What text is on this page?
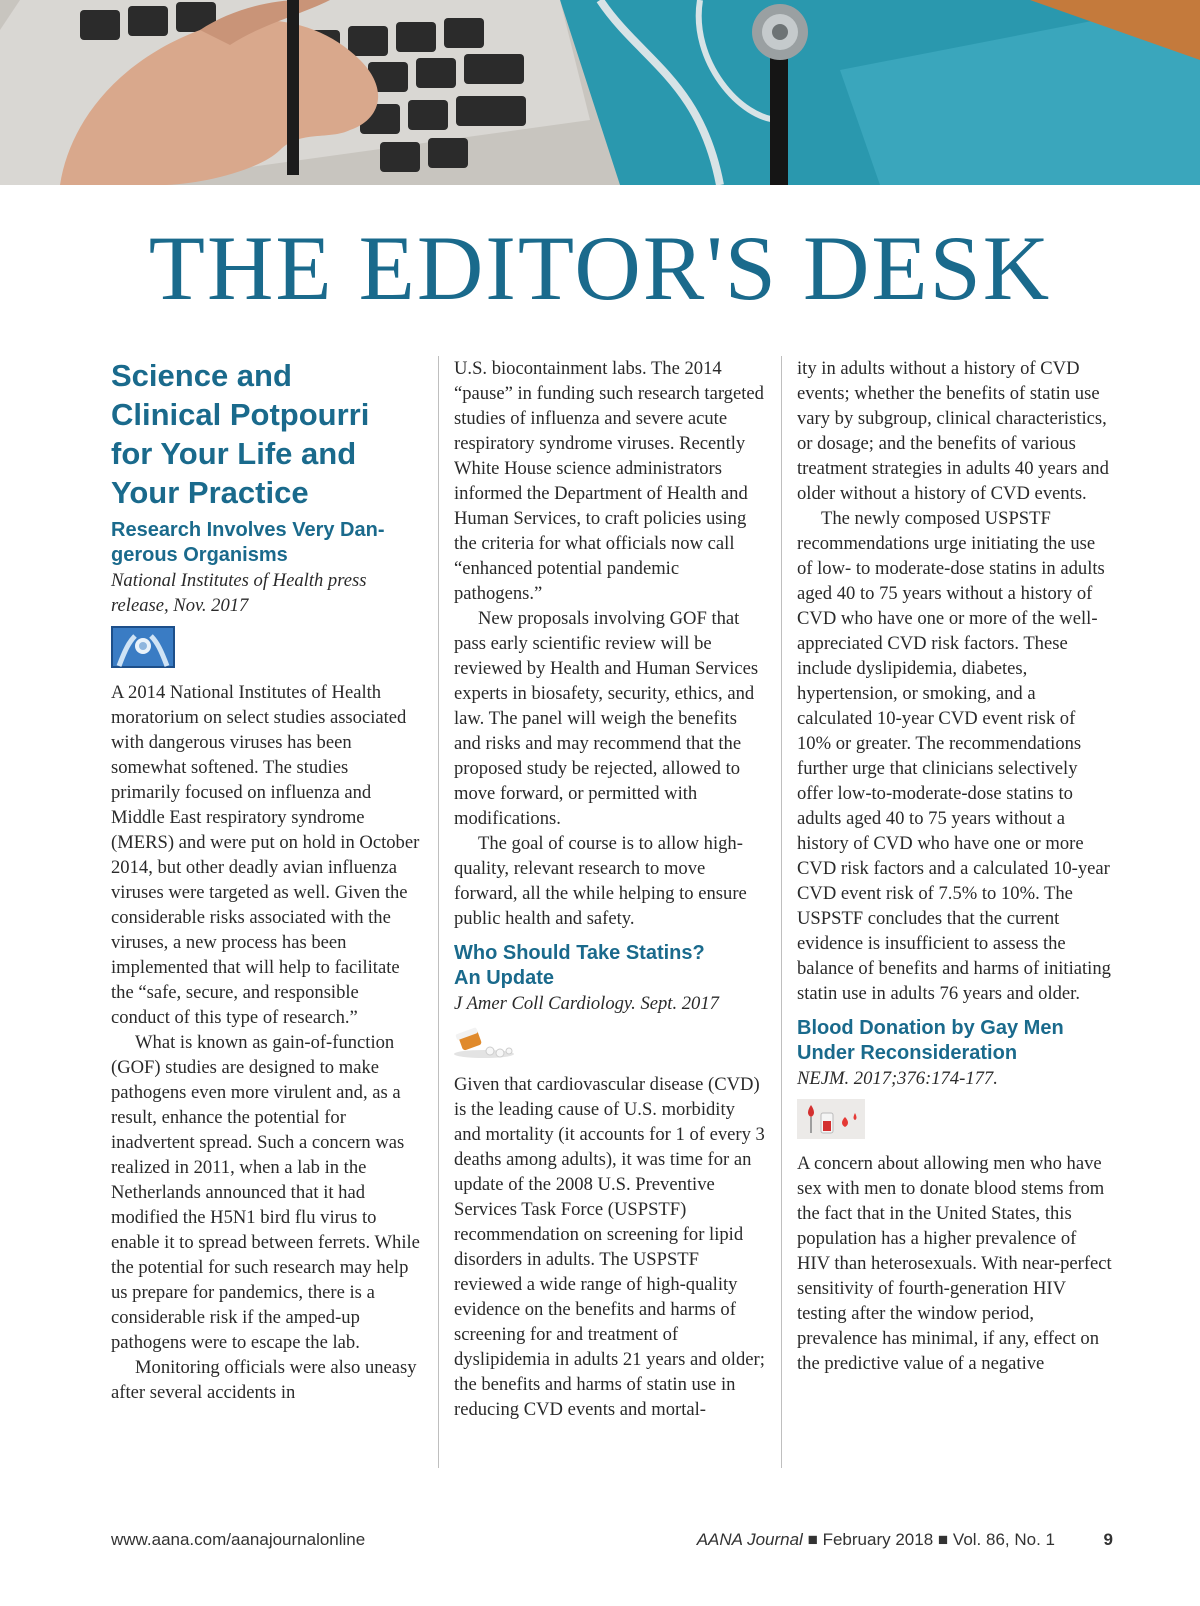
THE EDITOR'S DESK
Science and
Clinical Potpourri
for Your Life and
Your Practice
Research Involves Very Dan-
gerous Organisms

National Institutes of Health press
release, Nov. 2017

A 2014 National Institutes of Health moratorium on select studies associated with dangerous viruses has been somewhat softened. The studies primarily focused on influenza and Middle East respiratory syndrome (MERS) and were put on hold in October 2014, but other deadly avian influenza viruses were targeted as well. Given the considerable risks associated with the viruses, a new process has been implemented that will help to facilitate the “safe, secure, and responsible conduct of this type of research.”

What is known as gain-of-function (GOF) studies are designed to make pathogens even more virulent and, as a result, enhance the potential for inadvertent spread. Such a concern was realized in 2011, when a lab in the Netherlands announced that it had modified the H5N1 bird flu virus to enable it to spread between ferrets. While the potential for such research may help us prepare for pandemics, there is a considerable risk if the amped-up pathogens were to escape the lab.

Monitoring officials were also uneasy after several accidents in

U.S. biocontainment labs. The 2014 “pause” in funding such research targeted studies of influenza and severe acute respiratory syndrome viruses. Recently White House science administrators informed the Department of Health and Human Services, to craft policies using the criteria for what officials now call “enhanced potential pandemic pathogens.”

New proposals involving GOF that pass early scientific review will be reviewed by Health and Human Services experts in biosafety, security, ethics, and law. The panel will weigh the benefits and risks and may recommend that the proposed study be rejected, allowed to move forward, or permitted with modifications.

The goal of course is to allow high-quality, relevant research to move forward, all the while helping to ensure public health and safety.

Who Should Take Statins?
An Update

J Amer Coll Cardiology. Sept. 2017

Given that cardiovascular disease (CVD) is the leading cause of U.S. morbidity and mortality (it accounts for 1 of every 3 deaths among adults), it was time for an update of the 2008 U.S. Preventive Services Task Force (USPSTF) recommendation on screening for lipid disorders in adults. The USPSTF reviewed a wide range of high-quality evidence on the benefits and harms of screening for and treatment of dyslipidemia in adults 21 years and older; the benefits and harms of statin use in reducing CVD events and mortal-

ity in adults without a history of CVD events; whether the benefits of statin use vary by subgroup, clinical characteristics, or dosage; and the benefits of various treatment strategies in adults 40 years and older without a history of CVD events.

The newly composed USPSTF recommendations urge initiating the use of low- to moderate-dose statins in adults aged 40 to 75 years without a history of CVD who have one or more of the well-appreciated CVD risk factors. These include dyslipidemia, diabetes, hypertension, or smoking, and a calculated 10-year CVD event risk of 10% or greater. The recommendations further urge that clinicians selectively offer low-to-moderate-dose statins to adults aged 40 to 75 years without a history of CVD who have one or more CVD risk factors and a calculated 10-year CVD event risk of 7.5% to 10%. The USPSTF concludes that the current evidence is insufficient to assess the balance of benefits and harms of initiating statin use in adults 76 years and older.

Blood Donation by Gay Men
Under Reconsideration

NEJM. 2017;376:174-177.

A concern about allowing men who have sex with men to donate blood stems from the fact that in the United States, this population has a higher prevalence of HIV than heterosexuals. With near-perfect sensitivity of fourth-generation HIV testing after the window period, prevalence has minimal, if any, effect on the predictive value of a negative

www.aana.com/aanajournalonline	AANA Journal ■ February 2018 ■ Vol. 86, No. 1	9
